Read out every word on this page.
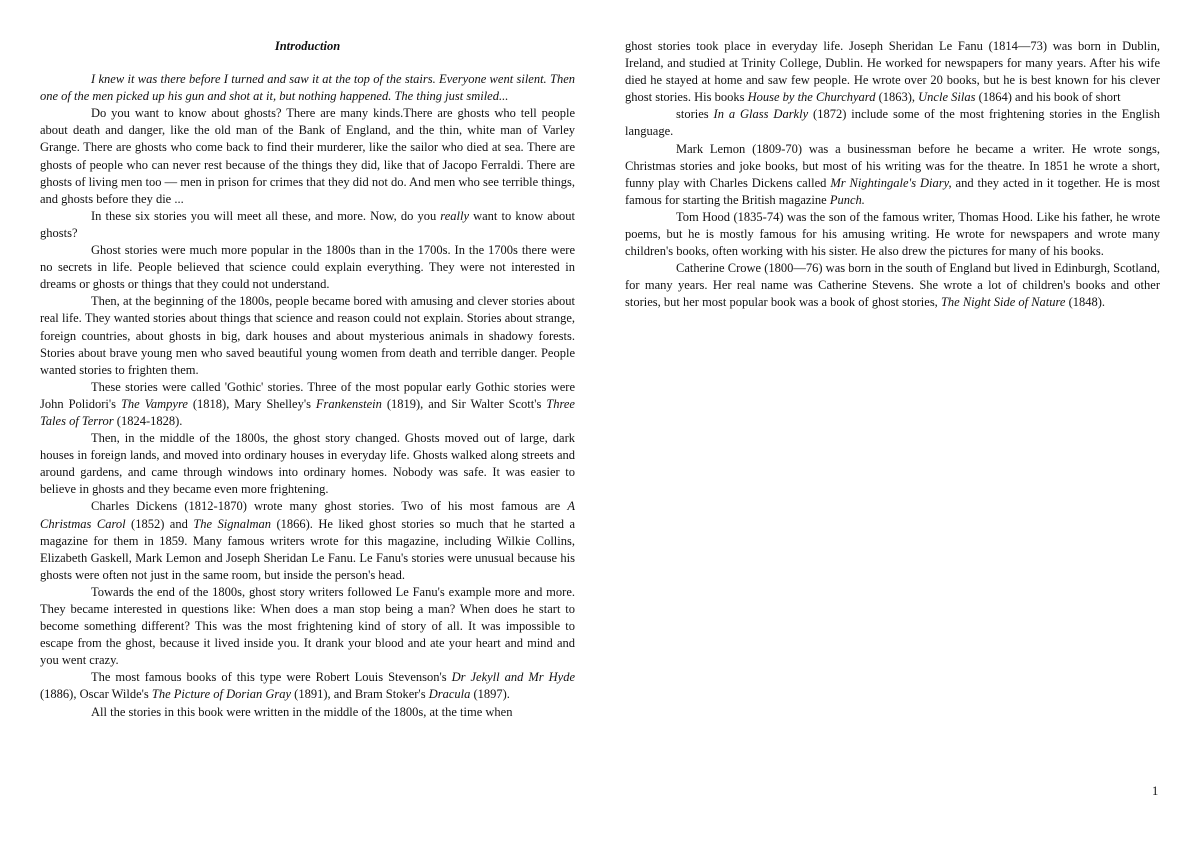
Introduction

I knew it was there before I turned and saw it at the top of the stairs. Everyone went silent. Then one of the men picked up his gun and shot at it, but nothing happened. The thing just smiled...

Do you want to know about ghosts? There are many kinds.There are ghosts who tell people about death and danger, like the old man of the Bank of England, and the thin, white man of Varley Grange. There are ghosts who come back to find their murderer, like the sailor who died at sea. There are ghosts of people who can never rest because of the things they did, like that of Jacopo Ferraldi. There are ghosts of living men too — men in prison for crimes that they did not do. And men who see terrible things, and ghosts before they die ...

In these six stories you will meet all these, and more. Now, do you really want to know about ghosts?

Ghost stories were much more popular in the 1800s than in the 1700s. In the 1700s there were no secrets in life. People believed that science could explain everything. They were not interested in dreams or ghosts or things that they could not understand.

Then, at the beginning of the 1800s, people became bored with amusing and clever stories about real life. They wanted stories about things that science and reason could not explain. Stories about strange, foreign countries, about ghosts in big, dark houses and about mysterious animals in shadowy forests. Stories about brave young men who saved beautiful young women from death and terrible danger. People wanted stories to frighten them.

These stories were called 'Gothic' stories. Three of the most popular early Gothic stories were John Polidori's The Vampyre (1818), Mary Shelley's Frankenstein (1819), and Sir Walter Scott's Three Tales of Terror (1824-1828).

Then, in the middle of the 1800s, the ghost story changed. Ghosts moved out of large, dark houses in foreign lands, and moved into ordinary houses in everyday life. Ghosts walked along streets and around gardens, and came through windows into ordinary homes. Nobody was safe. It was easier to believe in ghosts and they became even more frightening.

Charles Dickens (1812-1870) wrote many ghost stories. Two of his most famous are A Christmas Carol (1852) and The Signalman (1866). He liked ghost stories so much that he started a magazine for them in 1859. Many famous writers wrote for this magazine, including Wilkie Collins, Elizabeth Gaskell, Mark Lemon and Joseph Sheridan Le Fanu. Le Fanu's stories were unusual because his ghosts were often not just in the same room, but inside the person's head.

Towards the end of the 1800s, ghost story writers followed Le Fanu's example more and more. They became interested in questions like: When does a man stop being a man? When does he start to become something different? This was the most frightening kind of story of all. It was impossible to escape from the ghost, because it lived inside you. It drank your blood and ate your heart and mind and you went crazy.

The most famous books of this type were Robert Louis Stevenson's Dr Jekyll and Mr Hyde (1886), Oscar Wilde's The Picture of Dorian Gray (1891), and Bram Stoker's Dracula (1897).

All the stories in this book were written in the middle of the 1800s, at the time when

ghost stories took place in everyday life. Joseph Sheridan Le Fanu (1814—73) was born in Dublin, Ireland, and studied at Trinity College, Dublin. He worked for newspapers for many years. After his wife died he stayed at home and saw few people. He wrote over 20 books, but he is best known for his clever ghost stories. His books House by the Churchyard (1863), Uncle Silas (1864) and his book of short

stories In a Glass Darkly (1872) include some of the most frightening stories in the English language.

Mark Lemon (1809-70) was a businessman before he became a writer. He wrote songs, Christmas stories and joke books, but most of his writing was for the theatre. In 1851 he wrote a short, funny play with Charles Dickens called Mr Nightingale's Diary, and they acted in it together. He is most famous for starting the British magazine Punch.

Tom Hood (1835-74) was the son of the famous writer, Thomas Hood. Like his father, he wrote poems, but he is mostly famous for his amusing writing. He wrote for newspapers and wrote many children's books, often working with his sister. He also drew the pictures for many of his books.

Catherine Crowe (1800—76) was born in the south of England but lived in Edinburgh, Scotland, for many years. Her real name was Catherine Stevens. She wrote a lot of children's books and other stories, but her most popular book was a book of ghost stories, The Night Side of Nature (1848).

1
